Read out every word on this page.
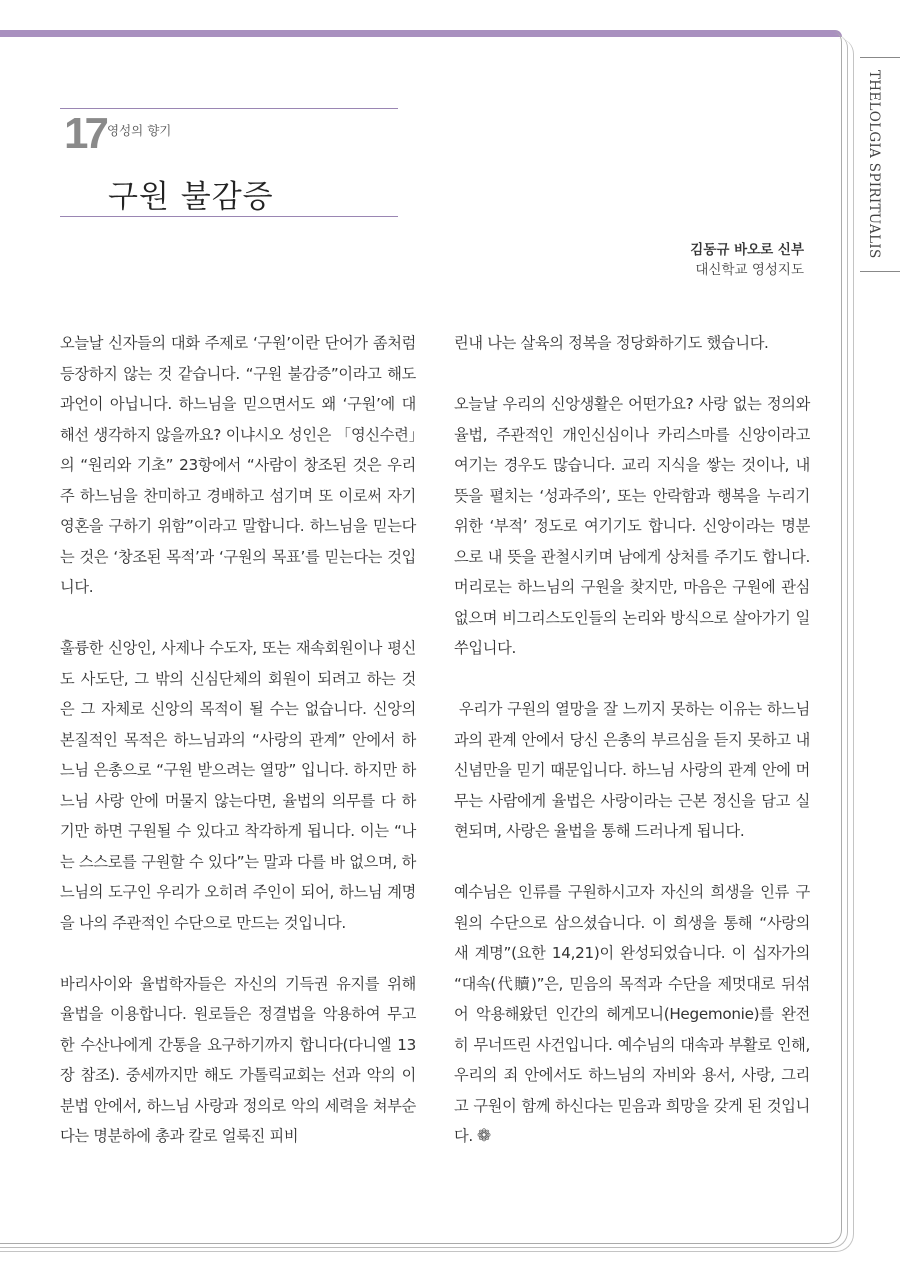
THELOLGIA SPIRITUALIS
17 영성의 향기
구원 불감증
김동규 바오로 신부
대신학교 영성지도

오늘날 신자들의 대화 주제로 ‘구원’이란 단어가 좀처럼 등장하지 않는 것 같습니다. “구원 불감증”이라고 해도 과언이 아닙니다. 하느님을 믿으면서도 왜 ‘구원’에 대해선 생각하지 않을까요? 이냐시오 성인은 「영신수련」의 “원리와 기초” 23항에서 “사람이 창조된 것은 우리 주 하느님을 찬미하고 경배하고 섬기며 또 이로써 자기 영혼을 구하기 위함”이라고 말합니다. 하느님을 믿는다는 것은 ‘창조된 목적’과 ‘구원의 목표’를 믿는다는 것입니다.

훌륭한 신앙인, 사제나 수도자, 또는 재속회원이나 평신도 사도단, 그 밖의 신심단체의 회원이 되려고 하는 것은 그 자체로 신앙의 목적이 될 수는 없습니다. 신앙의 본질적인 목적은 하느님과의 “사랑의 관계” 안에서 하느님 은총으로 “구원 받으려는 열망” 입니다. 하지만 하느님 사랑 안에 머물지 않는다면, 율법의 의무를 다 하기만 하면 구원될 수 있다고 착각하게 됩니다. 이는 “나는 스스로를 구원할 수 있다”는 말과 다를 바 없으며, 하느님의 도구인 우리가 오히려 주인이 되어, 하느님 계명을 나의 주관적인 수단으로 만드는 것입니다.

바리사이와 율법학자들은 자신의 기득권 유지를 위해 율법을 이용합니다. 원로들은 정결법을 악용하여 무고한 수산나에게 간통을 요구하기까지 합니다(다니엘 13장 참조). 중세까지만 해도 가톨릭교회는 선과 악의 이분법 안에서, 하느님 사랑과 정의로 악의 세력을 쳐부순다는 명분하에 총과 칼로 얼룩진 피비

린내 나는 살육의 정복을 정당화하기도 했습니다.

오늘날 우리의 신앙생활은 어떤가요? 사랑 없는 정의와 율법, 주관적인 개인신심이나 카리스마를 신앙이라고 여기는 경우도 많습니다. 교리 지식을 쌓는 것이나, 내 뜻을 펼치는 ‘성과주의’, 또는 안락함과 행복을 누리기 위한 ‘부적’ 정도로 여기기도 합니다. 신앙이라는 명분으로 내 뜻을 관철시키며 남에게 상처를 주기도 합니다. 머리로는 하느님의 구원을 찾지만, 마음은 구원에 관심 없으며 비그리스도인들의 논리와 방식으로 살아가기 일쑤입니다.

우리가 구원의 열망을 잘 느끼지 못하는 이유는 하느님과의 관계 안에서 당신 은총의 부르심을 듣지 못하고 내 신념만을 믿기 때문입니다. 하느님 사랑의 관계 안에 머무는 사람에게 율법은 사랑이라는 근본 정신을 담고 실현되며, 사랑은 율법을 통해 드러나게 됩니다.

예수님은 인류를 구원하시고자 자신의 희생을 인류 구원의 수단으로 삼으셨습니다. 이 희생을 통해 “사랑의 새 계명”(요한 14,21)이 완성되었습니다. 이 십자가의 “대속(代贖)”은, 믿음의 목적과 수단을 제멋대로 뒤섞어 악용해왔던 인간의 헤게모니(Hegemonie)를 완전히 무너뜨린 사건입니다. 예수님의 대속과 부활로 인해, 우리의 죄 안에서도 하느님의 자비와 용서, 사랑, 그리고 구원이 함께 하신다는 믿음과 희망을 갖게 된 것입니다. ❁
